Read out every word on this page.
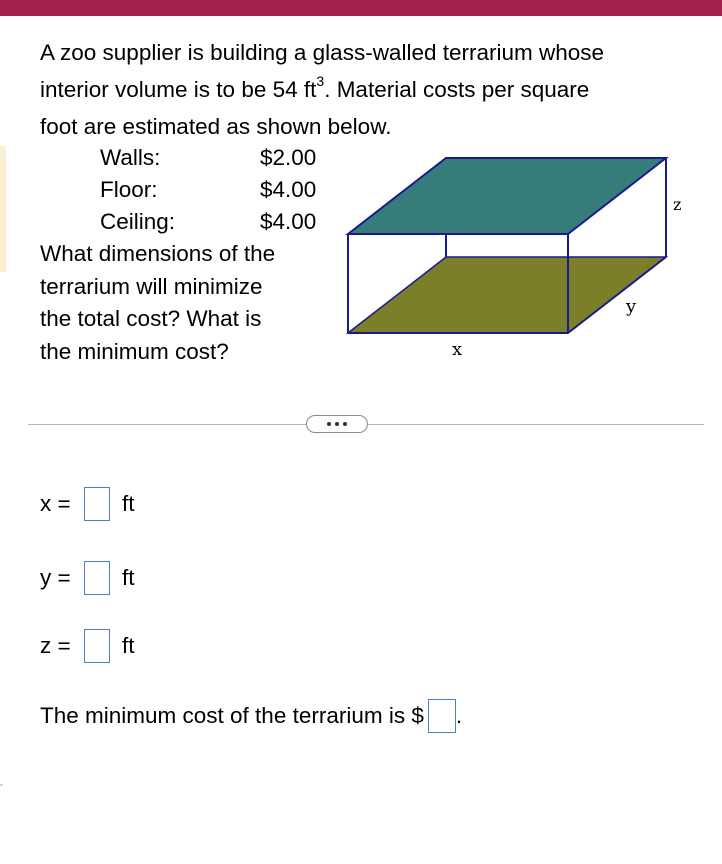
A zoo supplier is building a glass-walled terrarium whose

interior volume is to be 54 $ft^3$. Material costs per square

foot are estimated as shown below.

Walls:	$2.00
Floor:	$4.00
Ceiling:	$4.00
What dimensions of the
terrarium will minimize
the total cost? What is
the minimum cost?	x
y
z
x =	ft
y =	ft
z =	ft
The minimum cost of the terrarium is $ .
